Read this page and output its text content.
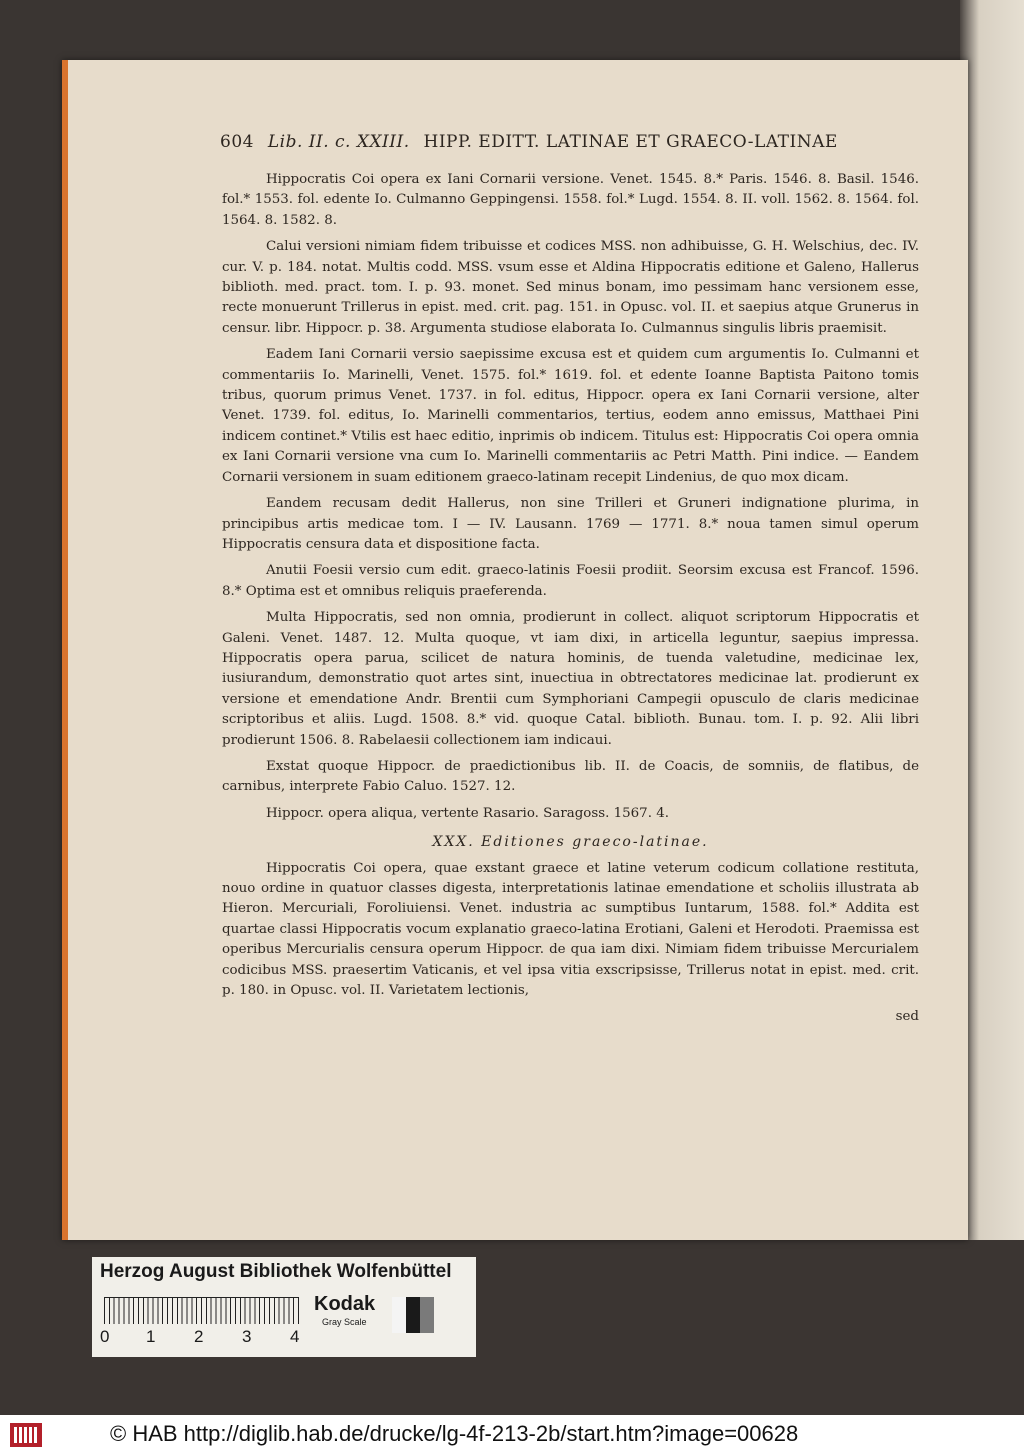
604 Lib. II. c. XXIII. HIPP. EDITT. LATINAE ET GRAECO-LATINAE

Hippocratis Coi opera ex Iani Cornarii versione. Venet. 1545. 8.* Paris. 1546. 8. Basil. 1546. fol.* 1553. fol. edente Io. Culmanno Geppingensi. 1558. fol.* Lugd. 1554. 8. II. voll. 1562. 8. 1564. fol. 1564. 8. 1582. 8.

Calui versioni nimiam fidem tribuisse et codices MSS. non adhibuisse, G. H. Welschius, dec. IV. cur. V. p. 184. notat. Multis codd. MSS. vsum esse et Aldina Hippocratis editione et Galeno, Hallerus biblioth. med. pract. tom. I. p. 93. monet. Sed minus bonam, imo pessimam hanc versionem esse, recte monuerunt Trillerus in epist. med. crit. pag. 151. in Opusc. vol. II. et saepius atque Grunerus in censur. libr. Hippocr. p. 38. Argumenta studiose elaborata Io. Culmannus singulis libris praemisit.

Eadem Iani Cornarii versio saepissime excusa est et quidem cum argumentis Io. Culmanni et commentariis Io. Marinelli, Venet. 1575. fol.* 1619. fol. et edente Ioanne Baptista Paitono tomis tribus, quorum primus Venet. 1737. in fol. editus, Hippocr. opera ex Iani Cornarii versione, alter Venet. 1739. fol. editus, Io. Marinelli commentarios, tertius, eodem anno emissus, Matthaei Pini indicem continet.* Vtilis est haec editio, inprimis ob indicem. Titulus est: Hippocratis Coi opera omnia ex Iani Cornarii versione vna cum Io. Marinelli commentariis ac Petri Matth. Pini indice. — Eandem Cornarii versionem in suam editionem graeco-latinam recepit Lindenius, de quo mox dicam.

Eandem recusam dedit Hallerus, non sine Trilleri et Gruneri indignatione plurima, in principibus artis medicae tom. I — IV. Lausann. 1769 — 1771. 8.* noua tamen simul operum Hippocratis censura data et dispositione facta.

Anutii Foesii versio cum edit. graeco-latinis Foesii prodiit. Seorsim excusa est Francof. 1596. 8.* Optima est et omnibus reliquis praeferenda.

Multa Hippocratis, sed non omnia, prodierunt in collect. aliquot scriptorum Hippocratis et Galeni. Venet. 1487. 12. Multa quoque, vt iam dixi, in articella leguntur, saepius impressa. Hippocratis opera parua, scilicet de natura hominis, de tuenda valetudine, medicinae lex, iusiurandum, demonstratio quot artes sint, inuectiua in obtrectatores medicinae lat. prodierunt ex versione et emendatione Andr. Brentii cum Symphoriani Campegii opusculo de claris medicinae scriptoribus et aliis. Lugd. 1508. 8.* vid. quoque Catal. biblioth. Bunau. tom. I. p. 92. Alii libri prodierunt 1506. 8. Rabelaesii collectionem iam indicaui.

Exstat quoque Hippocr. de praedictionibus lib. II. de Coacis, de somniis, de flatibus, de carnibus, interprete Fabio Caluo. 1527. 12.

Hippocr. opera aliqua, vertente Rasario. Saragoss. 1567. 4.

XXX. Editiones graeco-latinae.

Hippocratis Coi opera, quae exstant graece et latine veterum codicum collatione restituta, nouo ordine in quatuor classes digesta, interpretationis latinae emendatione et scholiis illustrata ab Hieron. Mercuriali, Foroliuiensi. Venet. industria ac sumptibus Iuntarum, 1588. fol.* Addita est quartae classi Hippocratis vocum explanatio graeco-latina Erotiani, Galeni et Herodoti. Praemissa est operibus Mercurialis censura operum Hippocr. de qua iam dixi. Nimiam fidem tribuisse Mercurialem codicibus MSS. praesertim Vaticanis, et vel ipsa vitia exscripsisse, Trillerus notat in epist. med. crit. p. 180. in Opusc. vol. II. Varietatem lectionis,

sed

Herzog August Bibliothek Wolfenbüttel
0 1 2 3 4
Kodak
Gray Scale
© HAB http://diglib.hab.de/drucke/lg-4f-213-2b/start.htm?image=00628
